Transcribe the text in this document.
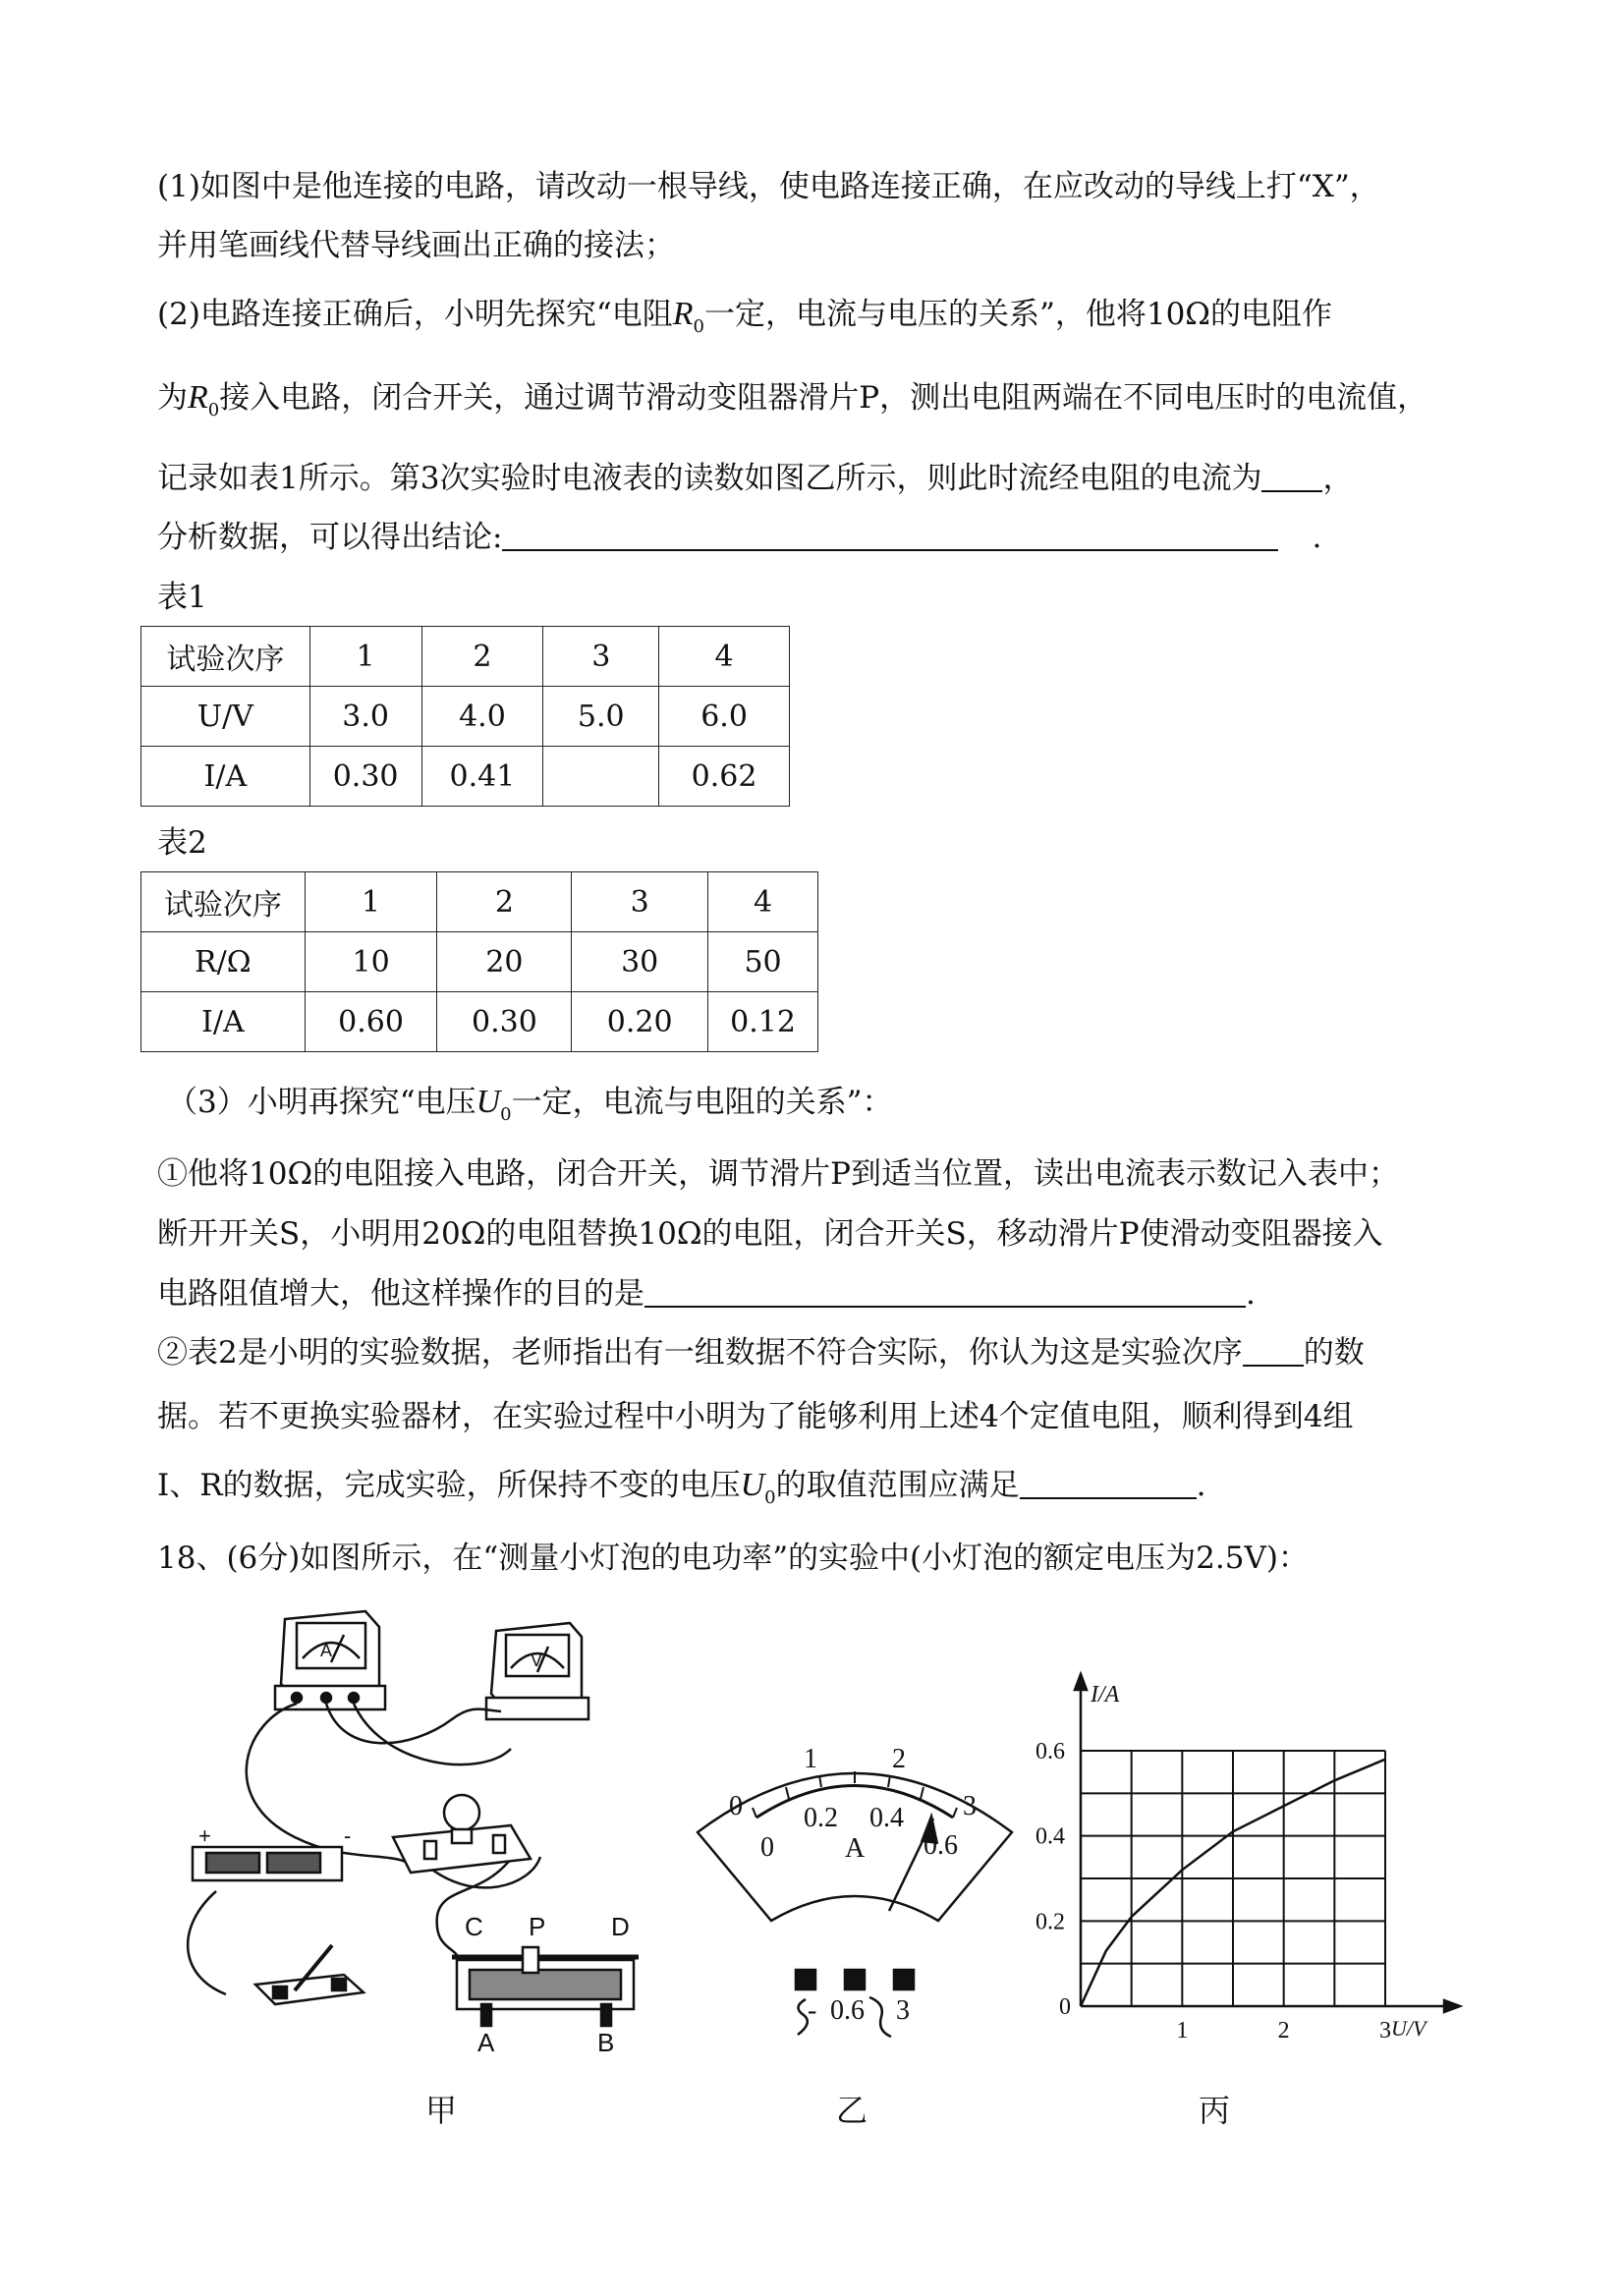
(1)如图中是他连接的电路，请改动一根导线，使电路连接正确，在应改动的导线上打“X”，
并用笔画线代替导线画出正确的接法；
(2)电路连接正确后，小明先探究“电阻$R_0$一定，电流与电压的关系”，他将10Ω的电阻作
为$R_0$接入电路，闭合开关，通过调节滑动变阻器滑片P，测出电阻两端在不同电压时的电流值，
记录如表1所示。第3次实验时电液表的读数如图乙所示，则此时流经电阻的电流为 ，
分析数据，可以得出结论:	.
表1
试验次序	1	2	3	4
U/V	3.0	4.0	5.0	6.0
I/A	0.30	0.41		0.62
表2
试验次序	1	2	3	4
R/Ω	10	20	30	50
I/A	0.60	0.30	0.20	0.12
（3）小明再探究“电压$U_0$一定，电流与电阻的关系”：
①他将10Ω的电阻接入电路，闭合开关，调节滑片P到适当位置，读出电流表示数记入表中；
断开开关S，小明用20Ω的电阻替换10Ω的电阻，闭合开关S，移动滑片P使滑动变阻器接入
电路阻值增大，他这样操作的目的是	.
②表2是小明的实验数据，老师指出有一组数据不符合实际，你认为这是实验次序 的数
据。若不更换实验器材，在实验过程中小明为了能够利用上述4个定值电阻，顺利得到4组
I、R的数据，完成实验，所保持不变的电压$U_0$的取值范围应满足	.
18、(6分)如图所示，在“测量小灯泡的电功率”的实验中(小灯泡的额定电压为2.5V)：
A	V
+	-
C P	D
A	B
0
1	2
3
0
0.2 0.4
0.6
A
- 0.6 3
0.6
0.4
0.2
0
1	2	3
I/A
U/V
甲	乙	丙
